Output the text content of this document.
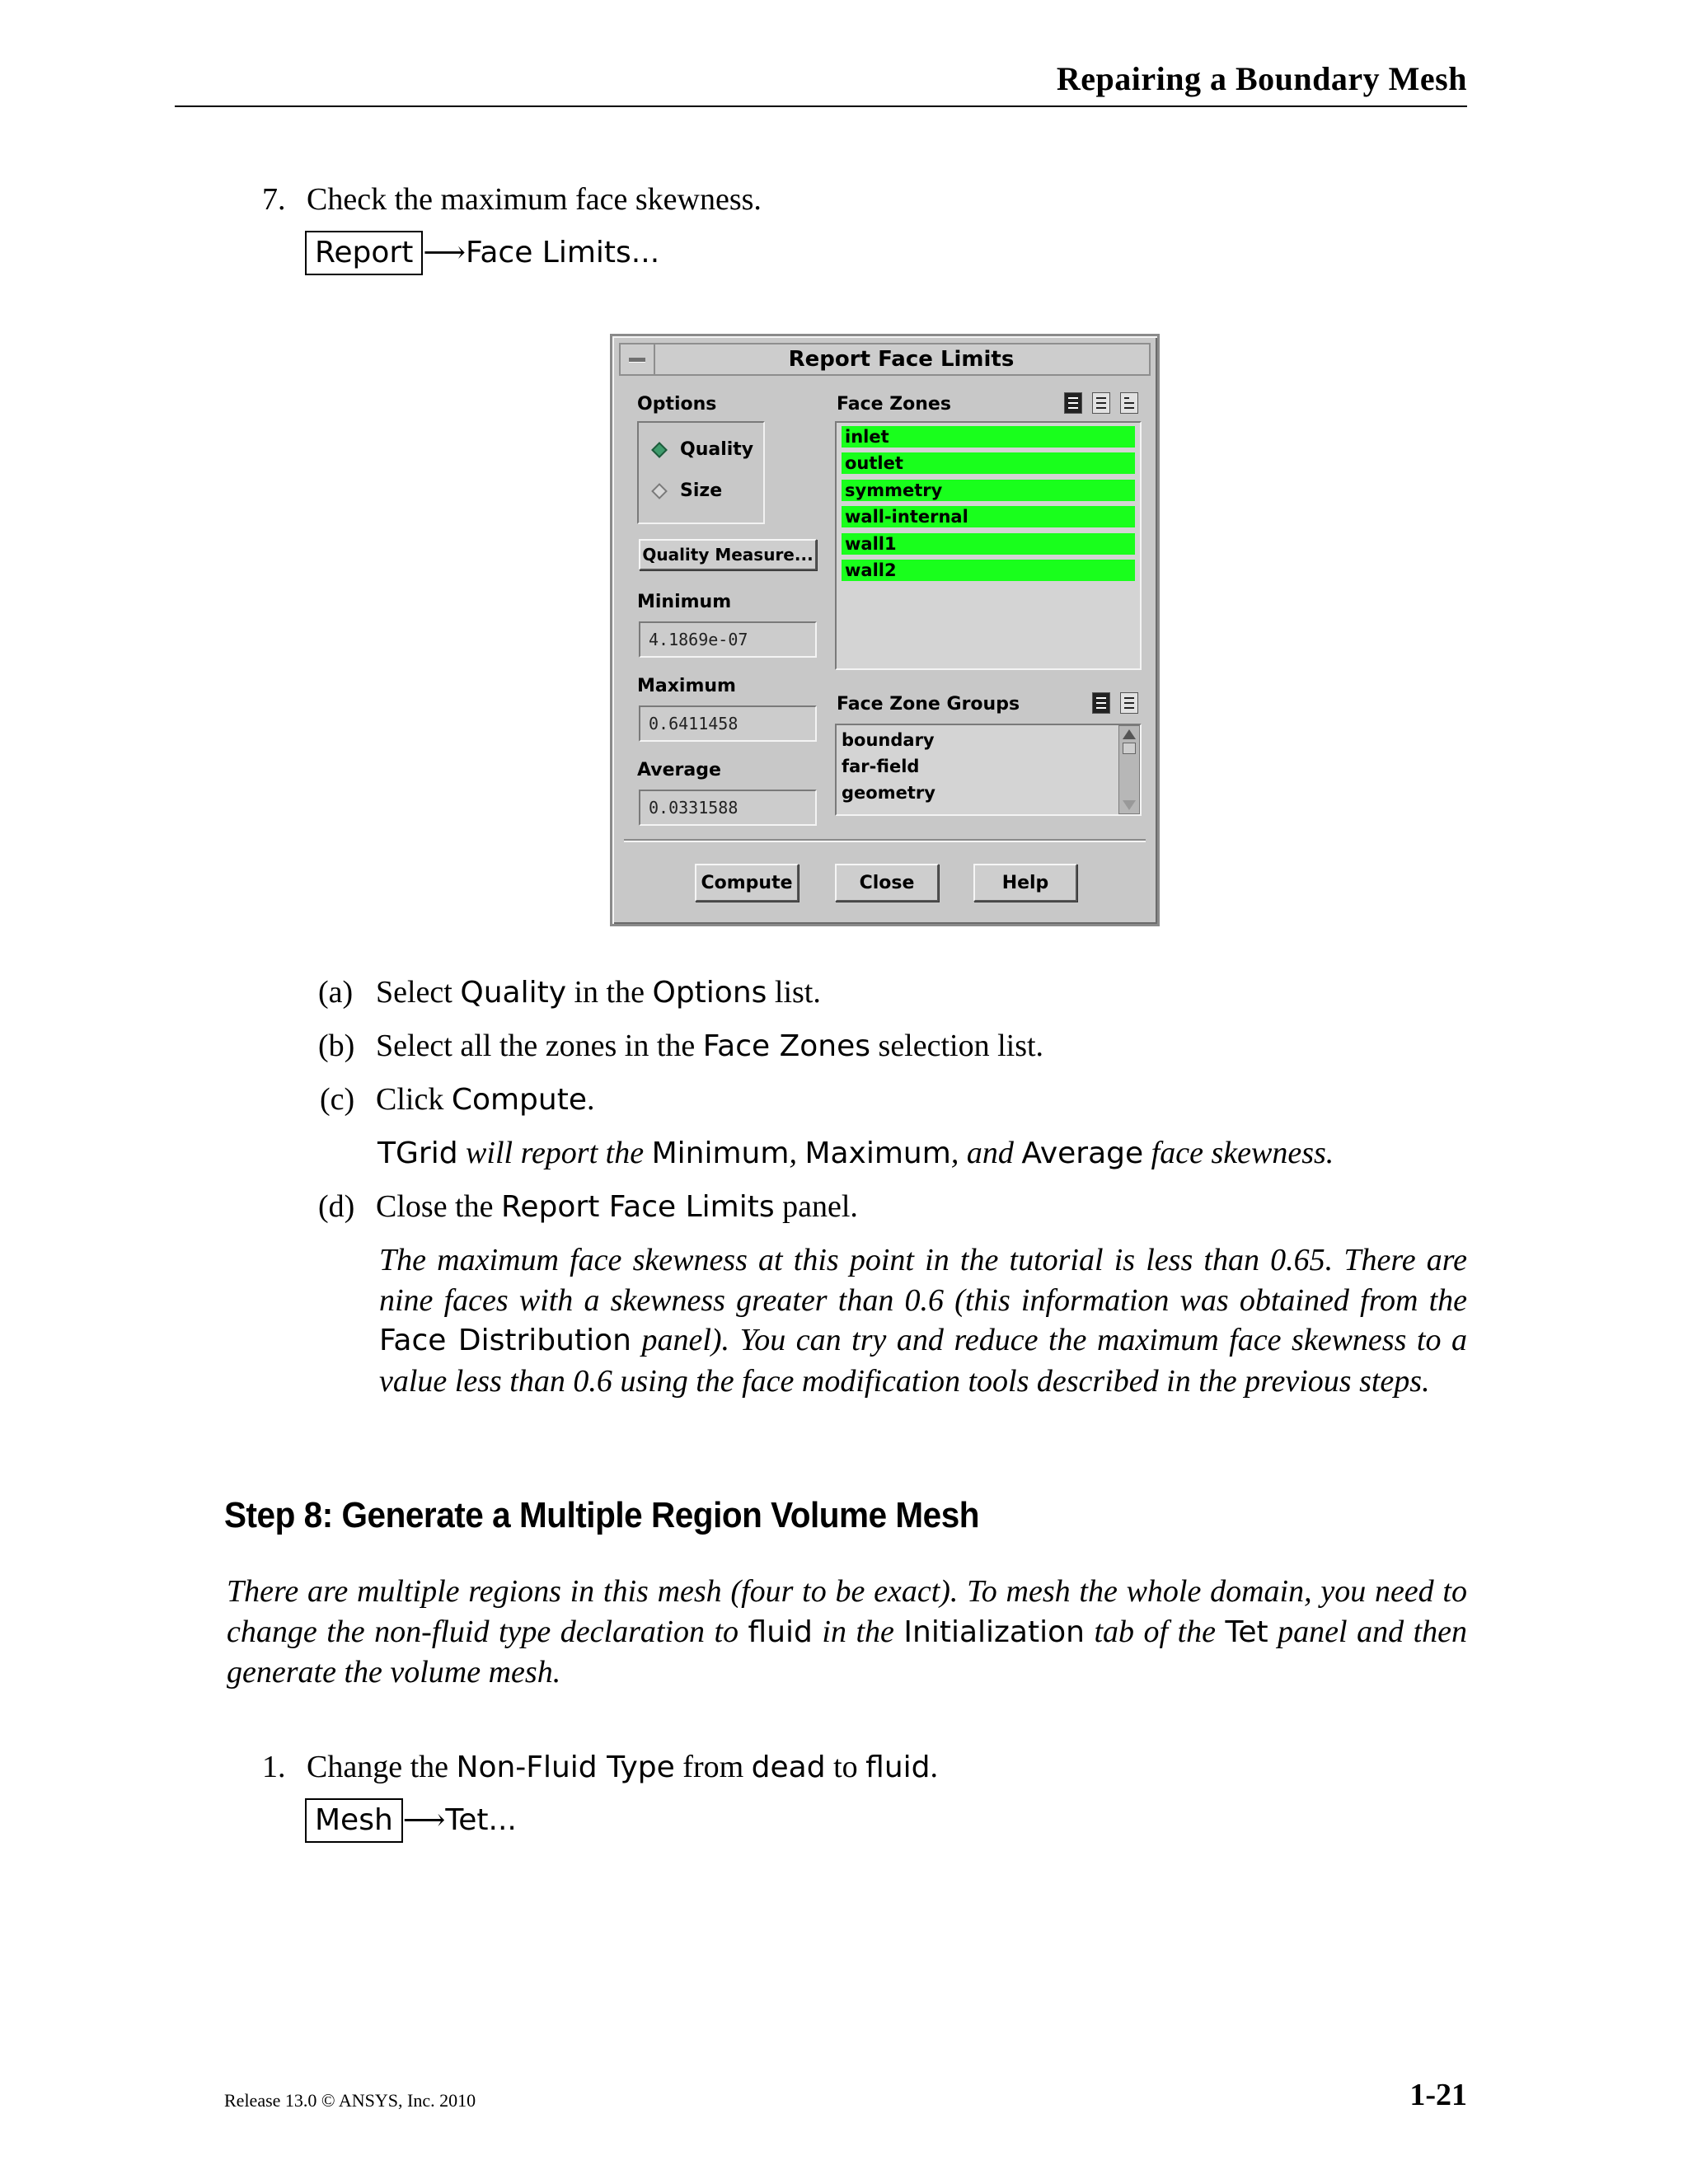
Repairing a Boundary Mesh
7. Check the maximum face skewness.
Report ⟶Face Limits...
Report Face Limits
Options
Quality
Size
Quality Measure...
Minimum
4.1869e-07
Maximum
0.6411458
Average
0.0331588
Face Zones
inlet
outlet
symmetry
wall-internal
wall1
wall2
Face Zone Groups
boundary
far-field
geometry
Compute	Close	Help
(a) Select Quality in the Options list.
(b) Select all the zones in the Face Zones selection list.
(c) Click Compute.
TGrid will report the Minimum, Maximum, and Average face skewness.
(d) Close the Report Face Limits panel.
The maximum face skewness at this point in the tutorial is less than 0.65. There are nine faces with a skewness greater than 0.6 (this information was obtained from the Face Distribution panel). You can try and reduce the maximum face skewness to a value less than 0.6 using the face modification tools described in the previous steps.
Step 8: Generate a Multiple Region Volume Mesh
There are multiple regions in this mesh (four to be exact). To mesh the whole domain, you need to change the non-fluid type declaration to fluid in the Initialization tab of the Tet panel and then generate the volume mesh.
1. Change the Non-Fluid Type from dead to fluid.
Mesh ⟶Tet...
Release 13.0 © ANSYS, Inc. 2010	1-21
